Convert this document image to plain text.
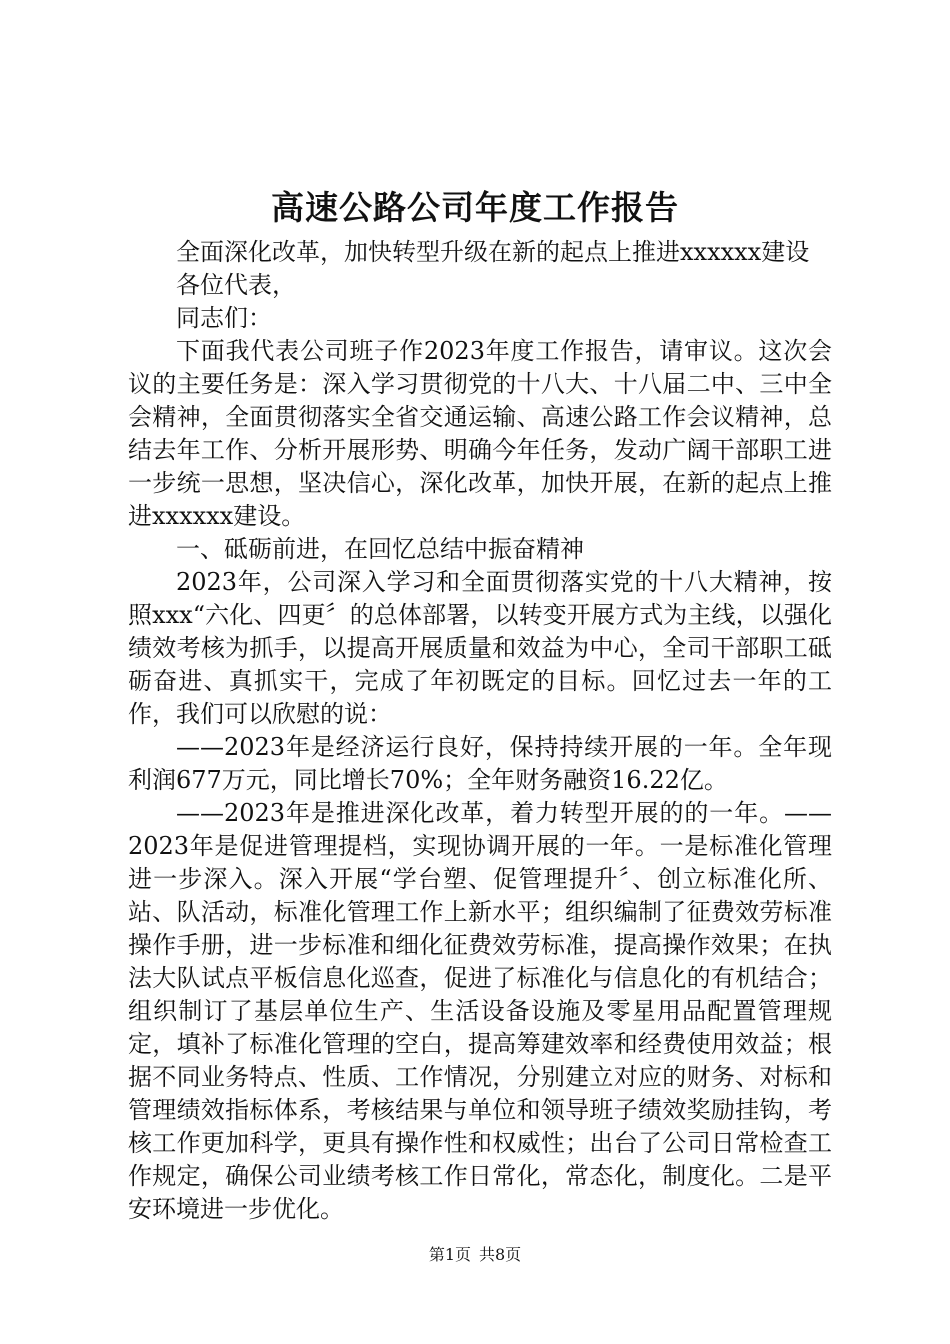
高速公路公司年度工作报告

全面深化改革，加快转型升级在新的起点上推进xxxxxx建设

各位代表，

同志们：

下面我代表公司班子作2023年度工作报告，请审议。这次会议的主要任务是：深入学习贯彻党的十八大、十八届二中、三中全会精神，全面贯彻落实全省交通运输、高速公路工作会议精神，总结去年工作、分析开展形势、明确今年任务，发动广阔干部职工进一步统一思想，坚决信心，深化改革，加快开展，在新的起点上推进xxxxxx建设。

一、砥砺前进，在回忆总结中振奋精神

2023年，公司深入学习和全面贯彻落实党的十八大精神，按照xxx“六化、四更〞的总体部署，以转变开展方式为主线，以强化绩效考核为抓手，以提高开展质量和效益为中心，全司干部职工砥砺奋进、真抓实干，完成了年初既定的目标。回忆过去一年的工作，我们可以欣慰的说：

——2023年是经济运行良好，保持持续开展的一年。全年现利润677万元，同比增长70%；全年财务融资16.22亿。

——2023年是推进深化改革，着力转型开展的的一年。——2023年是促进管理提档，实现协调开展的一年。一是标准化管理进一步深入。深入开展“学台塑、促管理提升〞、创立标准化所、站、队活动，标准化管理工作上新水平；组织编制了征费效劳标准操作手册，进一步标准和细化征费效劳标准，提高操作效果；在执法大队试点平板信息化巡查，促进了标准化与信息化的有机结合；组织制订了基层单位生产、生活设备设施及零星用品配置管理规定，填补了标准化管理的空白，提高筹建效率和经费使用效益；根据不同业务特点、性质、工作情况，分别建立对应的财务、对标和管理绩效指标体系，考核结果与单位和领导班子绩效奖励挂钩，考核工作更加科学，更具有操作性和权威性；出台了公司日常检查工作规定，确保公司业绩考核工作日常化，常态化，制度化。二是平安环境进一步优化。

第1页 共8页
